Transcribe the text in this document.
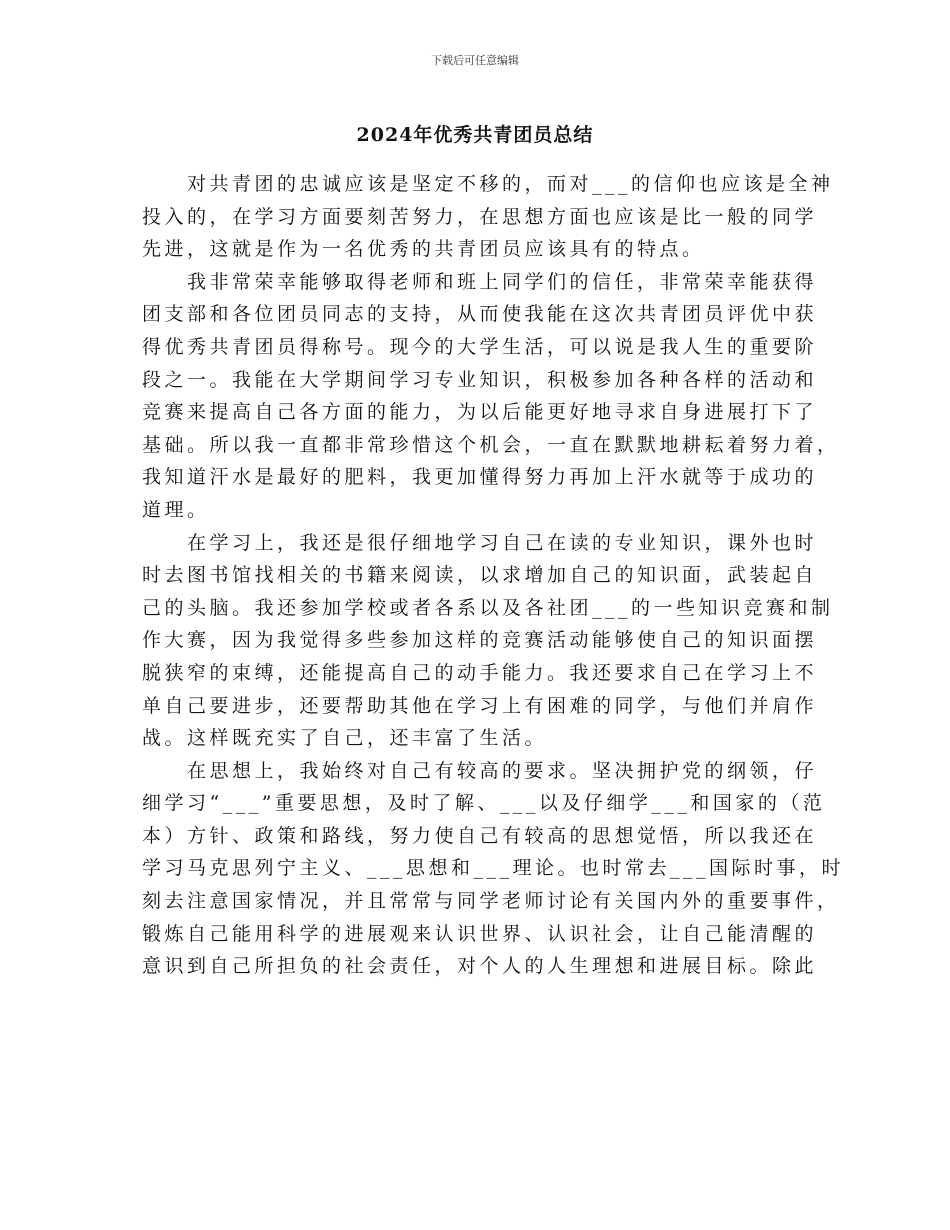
下载后可任意编辑
2024年优秀共青团员总结

对共青团的忠诚应该是坚定不移的，而对___的信仰也应该是全神
投入的，在学习方面要刻苦努力，在思想方面也应该是比一般的同学
先进，这就是作为一名优秀的共青团员应该具有的特点。

我非常荣幸能够取得老师和班上同学们的信任，非常荣幸能获得
团支部和各位团员同志的支持，从而使我能在这次共青团员评优中获
得优秀共青团员得称号。现今的大学生活，可以说是我人生的重要阶
段之一。我能在大学期间学习专业知识，积极参加各种各样的活动和
竞赛来提高自己各方面的能力，为以后能更好地寻求自身进展打下了
基础。所以我一直都非常珍惜这个机会，一直在默默地耕耘着努力着，
我知道汗水是最好的肥料，我更加懂得努力再加上汗水就等于成功的
道理。

在学习上，我还是很仔细地学习自己在读的专业知识，课外也时
时去图书馆找相关的书籍来阅读，以求增加自己的知识面，武装起自
己的头脑。我还参加学校或者各系以及各社团___的一些知识竞赛和制
作大赛，因为我觉得多些参加这样的竞赛活动能够使自己的知识面摆
脱狭窄的束缚，还能提高自己的动手能力。我还要求自己在学习上不
单自己要进步，还要帮助其他在学习上有困难的同学，与他们并肩作
战。这样既充实了自己，还丰富了生活。

在思想上，我始终对自己有较高的要求。坚决拥护党的纲领，仔
细学习“___”重要思想，及时了解、___以及仔细学___和国家的（范
本）方针、政策和路线，努力使自己有较高的思想觉悟，所以我还在
学习马克思列宁主义、___思想和___理论。也时常去___国际时事，时
刻去注意国家情况，并且常常与同学老师讨论有关国内外的重要事件，
锻炼自己能用科学的进展观来认识世界、认识社会，让自己能清醒的
意识到自己所担负的社会责任，对个人的人生理想和进展目标。除此
